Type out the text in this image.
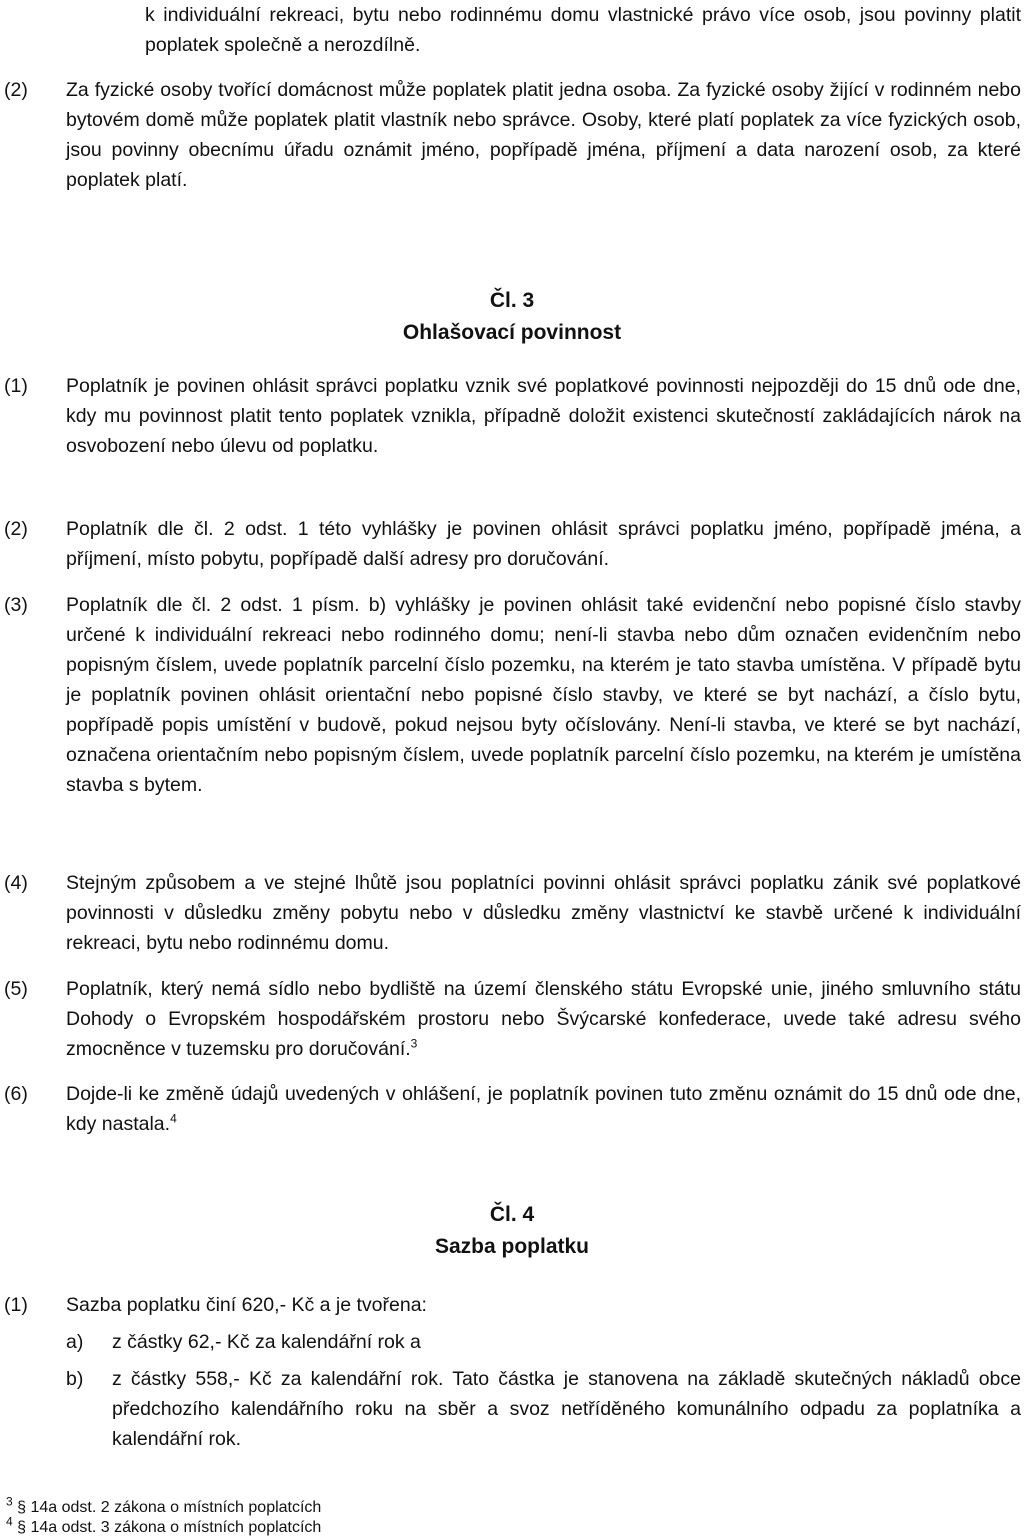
k individuální rekreaci, bytu nebo rodinnému domu vlastnické právo více osob, jsou povinny platit poplatek společně a nerozdílně.
(2)	Za fyzické osoby tvořící domácnost může poplatek platit jedna osoba. Za fyzické osoby žijící v rodinném nebo bytovém domě může poplatek platit vlastník nebo správce. Osoby, které platí poplatek za více fyzických osob, jsou povinny obecnímu úřadu oznámit jméno, popřípadě jména, příjmení a data narození osob, za které poplatek platí.
Čl. 3
Ohlašovací povinnost
(1)	Poplatník je povinen ohlásit správci poplatku vznik své poplatkové povinnosti nejpozději do 15 dnů ode dne, kdy mu povinnost platit tento poplatek vznikla, případně doložit existenci skutečností zakládajících nárok na osvobození nebo úlevu od poplatku.
(2)	Poplatník dle čl. 2 odst. 1 této vyhlášky je povinen ohlásit správci poplatku jméno, popřípadě jména, a příjmení, místo pobytu, popřípadě další adresy pro doručování.
(3)	Poplatník dle čl. 2 odst. 1 písm. b) vyhlášky je povinen ohlásit také evidenční nebo popisné číslo stavby určené k individuální rekreaci nebo rodinného domu; není-li stavba nebo dům označen evidenčním nebo popisným číslem, uvede poplatník parcelní číslo pozemku, na kterém je tato stavba umístěna. V případě bytu je poplatník povinen ohlásit orientační nebo popisné číslo stavby, ve které se byt nachází, a číslo bytu, popřípadě popis umístění v budově, pokud nejsou byty očíslovány. Není-li stavba, ve které se byt nachází, označena orientačním nebo popisným číslem, uvede poplatník parcelní číslo pozemku, na kterém je umístěna stavba s bytem.
(4)	Stejným způsobem a ve stejné lhůtě jsou poplatníci povinni ohlásit správci poplatku zánik své poplatkové povinnosti v důsledku změny pobytu nebo v důsledku změny vlastnictví ke stavbě určené k individuální rekreaci, bytu nebo rodinnému domu.
(5)	Poplatník, který nemá sídlo nebo bydliště na území členského státu Evropské unie, jiného smluvního státu Dohody o Evropském hospodářském prostoru nebo Švýcarské konfederace, uvede také adresu svého zmocněnce v tuzemsku pro doručování.$^3$
(6)	Dojde-li ke změně údajů uvedených v ohlášení, je poplatník povinen tuto změnu oznámit do 15 dnů ode dne, kdy nastala.$^4$
Čl. 4
Sazba poplatku
(1)	Sazba poplatku činí 620,- Kč a je tvořena:
a)	z částky 62,- Kč za kalendářní rok a
b)	z částky 558,- Kč za kalendářní rok. Tato částka je stanovena na základě skutečných nákladů obce předchozího kalendářního roku na sběr a svoz netříděného komunálního odpadu za poplatníka a kalendářní rok.
$^3$ § 14a odst. 2 zákona o místních poplatcích
$^4$ § 14a odst. 3 zákona o místních poplatcích
